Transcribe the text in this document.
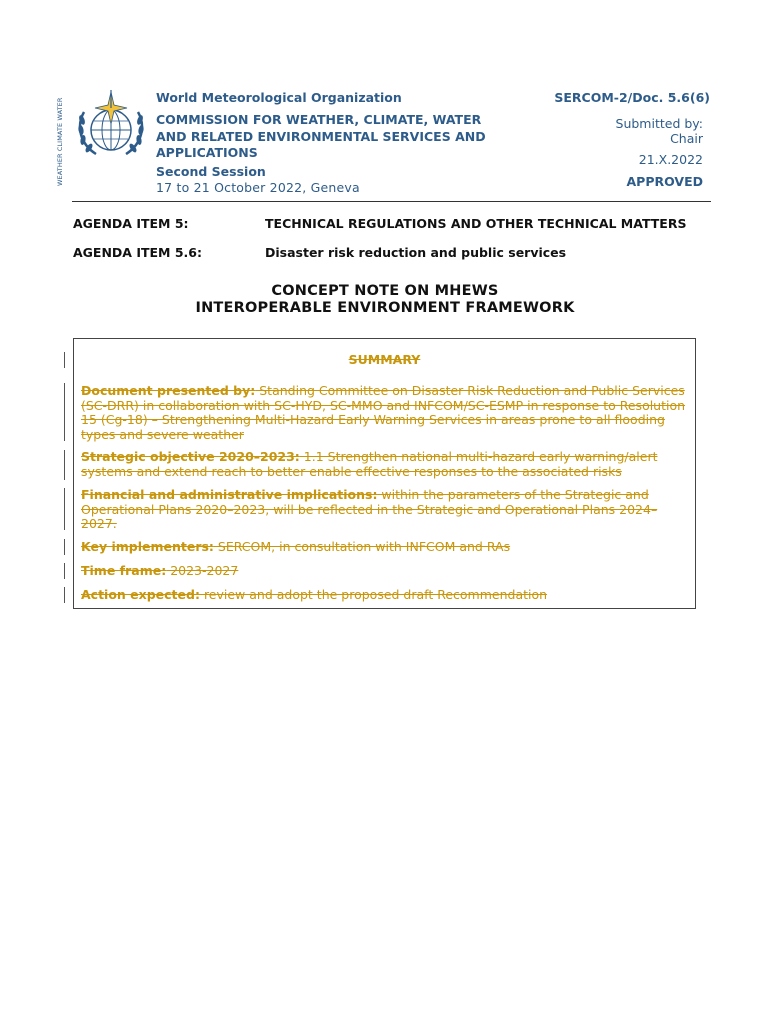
WEATHER CLIMATE WATER	World Meteorological Organization
COMMISSION FOR WEATHER, CLIMATE, WATER AND RELATED ENVIRONMENTAL SERVICES AND APPLICATIONS
Second Session
17 to 21 October 2022, Geneva
SERCOM-2/Doc. 5.6(6)
Submitted by:
Chair
21.X.2022
APPROVED
AGENDA ITEM 5:	TECHNICAL REGULATIONS AND OTHER TECHNICAL MATTERS
AGENDA ITEM 5.6:	Disaster risk reduction and public services
CONCEPT NOTE ON MHEWS
INTEROPERABLE ENVIRONMENT FRAMEWORK
SUMMARY
Document presented by: Standing Committee on Disaster Risk Reduction and Public Services (SC-DRR) in collaboration with SC-HYD, SC-MMO and INFCOM/SC-ESMP in response to Resolution 15 (Cg-18) – Strengthening Multi-Hazard Early Warning Services in areas prone to all flooding types and severe weather
Strategic objective 2020–2023: 1.1 Strengthen national multi-hazard early warning/alert systems and extend reach to better enable effective responses to the associated risks
Financial and administrative implications: within the parameters of the Strategic and Operational Plans 2020–2023, will be reflected in the Strategic and Operational Plans 2024–2027.
Key implementers: SERCOM, in consultation with INFCOM and RAs
Time frame: 2023-2027
Action expected: review and adopt the proposed draft Recommendation
